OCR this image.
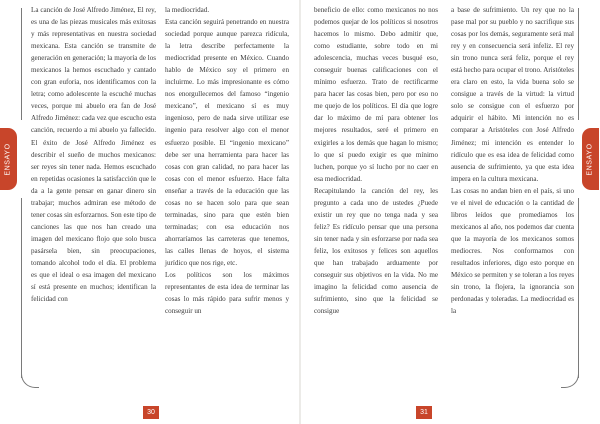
ENSAYO

La canción de José Alfredo Jiménez, El rey, es una de las piezas musicales más exitosas y más representativas en nuestra sociedad mexicana. Esta canción se transmite de generación en generación; la mayoría de los mexicanos la hemos escuchado y cantado con gran euforia, nos identificamos con la letra; como adolescente la escuché muchas veces, porque mi abuelo era fan de José Alfredo Jiménez: cada vez que escucho esta canción, recuerdo a mi abuelo ya fallecido. El éxito de José Alfredo Jiménez es describir el sueño de muchos mexicanos: ser reyes sin tener nada. Hemos escuchado en repetidas ocasiones la satisfacción que le da a la gente pensar en ganar dinero sin trabajar; muchos admiran ese método de tener cosas sin esforzarnos. Son este tipo de canciones las que nos han creado una imagen del mexicano flojo que solo busca pasársela bien, sin preocupaciones, tomando alcohol todo el día. El problema es que el ideal o esa imagen del mexicano sí está presente en muchos; identifican la felicidad con

la mediocridad.

Esta canción seguirá penetrando en nuestra sociedad porque aunque parezca ridícula, la letra describe perfectamente la mediocridad presente en México. Cuando hablo de México soy el primero en incluirme. Lo más impresionante es cómo nos enorgullecemos del famoso “ingenio mexicano”, el mexicano sí es muy ingenioso, pero de nada sirve utilizar ese ingenio para resolver algo con el menor esfuerzo posible. El “ingenio mexicano” debe ser una herramienta para hacer las cosas con gran calidad, no para hacer las cosas con el menor esfuerzo. Hace falta enseñar a través de la educación que las cosas no se hacen solo para que sean terminadas, sino para que estén bien terminadas; con esa educación nos ahorraríamos las carreteras que tenemos, las calles llenas de hoyos, el sistema jurídico que nos rige, etc.

Los políticos son los máximos representantes de esta idea de terminar las cosas lo más rápido para sufrir menos y conseguir un

30

beneficio de ello: como mexicanos no nos podemos quejar de los políticos si nosotros hacemos lo mismo. Debo admitir que, como estudiante, sobre todo en mi adolescencia, muchas veces busqué eso, conseguir buenas calificaciones con el mínimo esfuerzo. Trato de rectificarme para hacer las cosas bien, pero por eso no me quejo de los políticos. El día que logre dar lo máximo de mí para obtener los mejores resultados, seré el primero en exigirles a los demás que hagan lo mismo; lo que sí puedo exigir es que mínimo luchen, porque yo sí lucho por no caer en esa mediocridad.

Recapitulando la canción del rey, les pregunto a cada uno de ustedes ¿Puede existir un rey que no tenga nada y sea feliz? Es ridículo pensar que una persona sin tener nada y sin esforzarse por nada sea feliz, los exitosos y felices son aquellos que han trabajado arduamente por conseguir sus objetivos en la vida. No me imagino la felicidad como ausencia de sufrimiento, sino que la felicidad se consigue

a base de sufrimiento. Un rey que no la pase mal por su pueblo y no sacrifique sus cosas por los demás, seguramente será mal rey y en consecuencia será infeliz. El rey sin trono nunca será feliz, porque el rey está hecho para ocupar el trono. Aristóteles era claro en esto, la vida buena solo se consigue a través de la virtud: la virtud solo se consigue con el esfuerzo por adquirir el hábito. Mi intención no es comparar a Aristóteles con José Alfredo Jiménez; mi intención es entender lo ridículo que es esa idea de felicidad como ausencia de sufrimiento, ya que esta idea impera en la cultura mexicana.

Las cosas no andan bien en el país, si uno ve el nivel de educación o la cantidad de libros leídos que promediamos los mexicanos al año, nos podemos dar cuenta que la mayoría de los mexicanos somos mediocres. Nos conformamos con resultados inferiores, digo esto porque en México se permiten y se toleran a los reyes sin trono, la flojera, la ignorancia son perdonadas y toleradas. La mediocridad es la

31
ENSAYO
